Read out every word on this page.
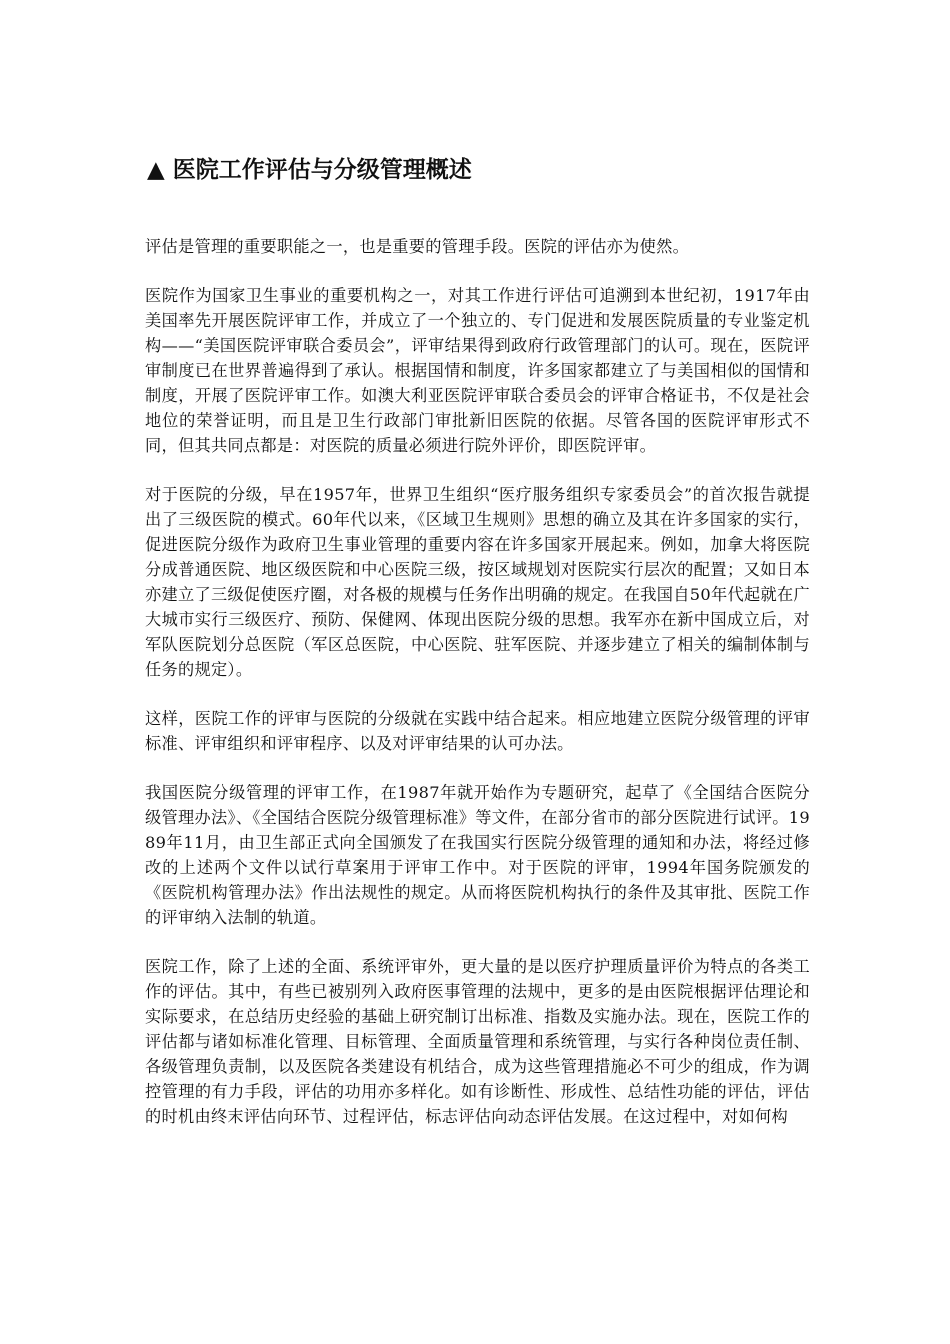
▲ 医院工作评估与分级管理概述

评估是管理的重要职能之一，也是重要的管理手段。医院的评估亦为使然。

医院作为国家卫生事业的重要机构之一，对其工作进行评估可追溯到本世纪初，1917年由美国率先开展医院评审工作，并成立了一个独立的、专门促进和发展医院质量的专业鉴定机构——“美国医院评审联合委员会”，评审结果得到政府行政管理部门的认可。现在，医院评审制度已在世界普遍得到了承认。根据国情和制度，许多国家都建立了与美国相似的国情和制度，开展了医院评审工作。如澳大利亚医院评审联合委员会的评审合格证书，不仅是社会地位的荣誉证明，而且是卫生行政部门审批新旧医院的依据。尽管各国的医院评审形式不同，但其共同点都是：对医院的质量必须进行院外评价，即医院评审。

对于医院的分级，早在1957年，世界卫生组织“医疗服务组织专家委员会”的首次报告就提出了三级医院的模式。60年代以来，《区域卫生规则》思想的确立及其在许多国家的实行，促进医院分级作为政府卫生事业管理的重要内容在许多国家开展起来。例如，加拿大将医院分成普通医院、地区级医院和中心医院三级，按区域规划对医院实行层次的配置；又如日本亦建立了三级促使医疗圈，对各极的规模与任务作出明确的规定。在我国自50年代起就在广大城市实行三级医疗、预防、保健网、体现出医院分级的思想。我军亦在新中国成立后，对军队医院划分总医院（军区总医院，中心医院、驻军医院、并逐步建立了相关的编制体制与任务的规定）。

这样，医院工作的评审与医院的分级就在实践中结合起来。相应地建立医院分级管理的评审标准、评审组织和评审程序、以及对评审结果的认可办法。

我国医院分级管理的评审工作，在1987年就开始作为专题研究，起草了《全国结合医院分级管理办法》、《全国结合医院分级管理标准》等文件，在部分省市的部分医院进行试评。1989年11月，由卫生部正式向全国颁发了在我国实行医院分级管理的通知和办法，将经过修改的上述两个文件以试行草案用于评审工作中。对于医院的评审，1994年国务院颁发的《医院机构管理办法》作出法规性的规定。从而将医院机构执行的条件及其审批、医院工作的评审纳入法制的轨道。

医院工作，除了上述的全面、系统评审外，更大量的是以医疗护理质量评价为特点的各类工作的评估。其中，有些已被别列入政府医事管理的法规中，更多的是由医院根据评估理论和实际要求，在总结历史经验的基础上研究制订出标准、指数及实施办法。现在，医院工作的评估都与诸如标准化管理、目标管理、全面质量管理和系统管理，与实行各种岗位责任制、各级管理负责制，以及医院各类建设有机结合，成为这些管理措施必不可少的组成，作为调控管理的有力手段，评估的功用亦多样化。如有诊断性、形成性、总结性功能的评估，评估的时机由终末评估向环节、过程评估，标志评估向动态评估发展。在这过程中，对如何构
